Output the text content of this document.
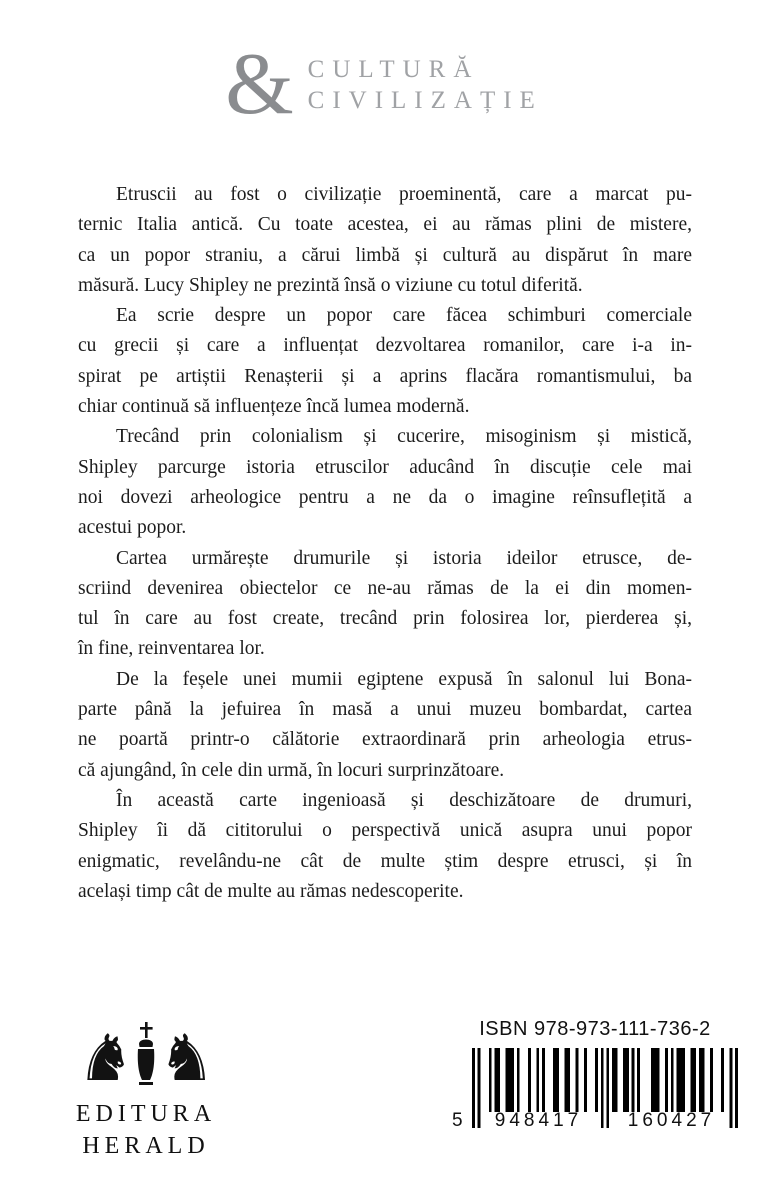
& CULTURĂ
CIVILIZAȚIE

Etruscii au fost o civilizație proeminentă, care a marcat pu-
ternic Italia antică. Cu toate acestea, ei au rămas plini de mistere,
ca un popor straniu, a cărui limbă și cultură au dispărut în mare
măsură. Lucy Shipley ne prezintă însă o viziune cu totul diferită.

Ea scrie despre un popor care făcea schimburi comerciale
cu grecii și care a influențat dezvoltarea romanilor, care i-a in-
spirat pe artiștii Renașterii și a aprins flacăra romantismului, ba
chiar continuă să influențeze încă lumea modernă.

Trecând prin colonialism și cucerire, misoginism și mistică,
Shipley parcurge istoria etruscilor aducând în discuție cele mai
noi dovezi arheologice pentru a ne da o imagine reînsuflețită a
acestui popor.

Cartea urmărește drumurile și istoria ideilor etrusce, de-
scriind devenirea obiectelor ce ne-au rămas de la ei din momen-
tul în care au fost create, trecând prin folosirea lor, pierderea și,
în fine, reinventarea lor.

De la feșele unei mumii egiptene expusă în salonul lui Bona-
parte până la jefuirea în masă a unui muzeu bombardat, cartea
ne poartă printr-o călătorie extraordinară prin arheologia etrus-
că ajungând, în cele din urmă, în locuri surprinzătoare.

În această carte ingenioasă și deschizătoare de drumuri,
Shipley îi dă cititorului o perspectivă unică asupra unui popor
enigmatic, revelându-ne cât de multe știm despre etrusci, și în
același timp cât de multe au rămas nedescoperite.

♞ ♞
EDITURA
HERALD
ISBN 978-973-111-736-2
5	948417	160427
